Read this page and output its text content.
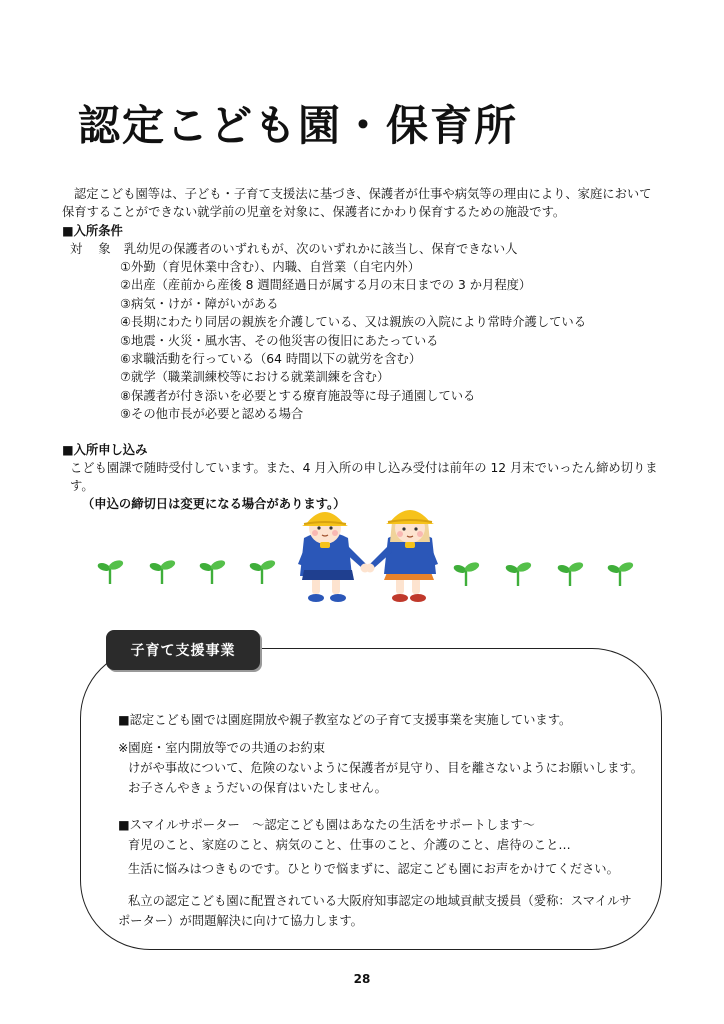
認定こども園・保育所

認定こども園等は、子ども・子育て支援法に基づき、保護者が仕事や病気等の理由により、家庭において保育することができない就学前の児童を対象に、保護者にかわり保育するための施設です。

■入所条件

対 象 乳幼児の保護者のいずれもが、次のいずれかに該当し、保育できない人
①外勤（育児休業中含む）、内職、自営業（自宅内外）
②出産（産前から産後 8 週間経過日が属する月の末日までの 3 か月程度）
③病気・けが・障がいがある
④長期にわたり同居の親族を介護している、又は親族の入院により常時介護している
⑤地震・火災・風水害、その他災害の復旧にあたっている
⑥求職活動を行っている（64 時間以下の就労を含む）
⑦就学（職業訓練校等における就業訓練を含む）
⑧保護者が付き添いを必要とする療育施設等に母子通園している
⑨その他市長が必要と認める場合

■入所申し込み

こども園課で随時受付しています。また、4 月入所の申し込み受付は前年の 12 月末でいったん締め切ります。
（申込の締切日は変更になる場合があります。）
子育て支援事業

■認定こども園では園庭開放や親子教室などの子育て支援事業を実施しています。

※園庭・室内開放等での共通のお約束

けがや事故について、危険のないように保護者が見守り、目を離さないようにお願いします。

お子さんやきょうだいの保育はいたしません。

■スマイルサポーター　～認定こども園はあなたの生活をサポートします～

育児のこと、家庭のこと、病気のこと、仕事のこと、介護のこと、虐待のこと…

生活に悩みはつきものです。ひとりで悩まずに、認定こども園にお声をかけてください。

私立の認定こども園に配置されている大阪府知事認定の地域貢献支援員（愛称：スマイルサポーター）が問題解決に向けて協力します。

28
